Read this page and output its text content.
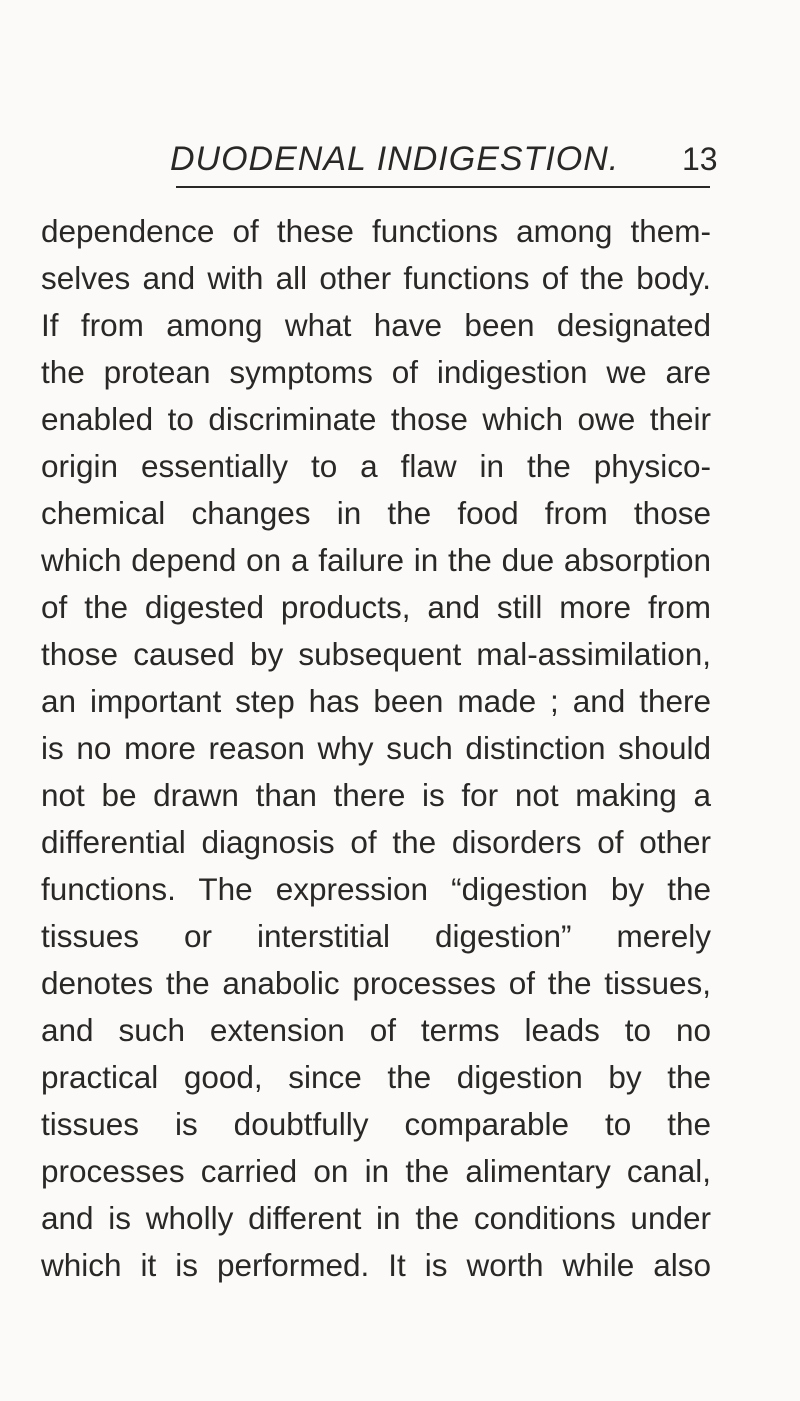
DUODENAL INDIGESTION. 13
dependence of these functions among them-
selves and with all other functions of the body.
If from among what have been designated
the protean symptoms of indigestion we are
enabled to discriminate those which owe their
origin essentially to a flaw in the physico-
chemical changes in the food from those
which depend on a failure in the due absorption
of the digested products, and still more from
those caused by subsequent mal-assimilation,
an important step has been made ; and there
is no more reason why such distinction should
not be drawn than there is for not making a
differential diagnosis of the disorders of other
functions. The expression “digestion by the
tissues or interstitial digestion” merely
denotes the anabolic processes of the tissues,
and such extension of terms leads to no
practical good, since the digestion by the
tissues is doubtfully comparable to the
processes carried on in the alimentary canal,
and is wholly different in the conditions under
which it is performed. It is worth while also
